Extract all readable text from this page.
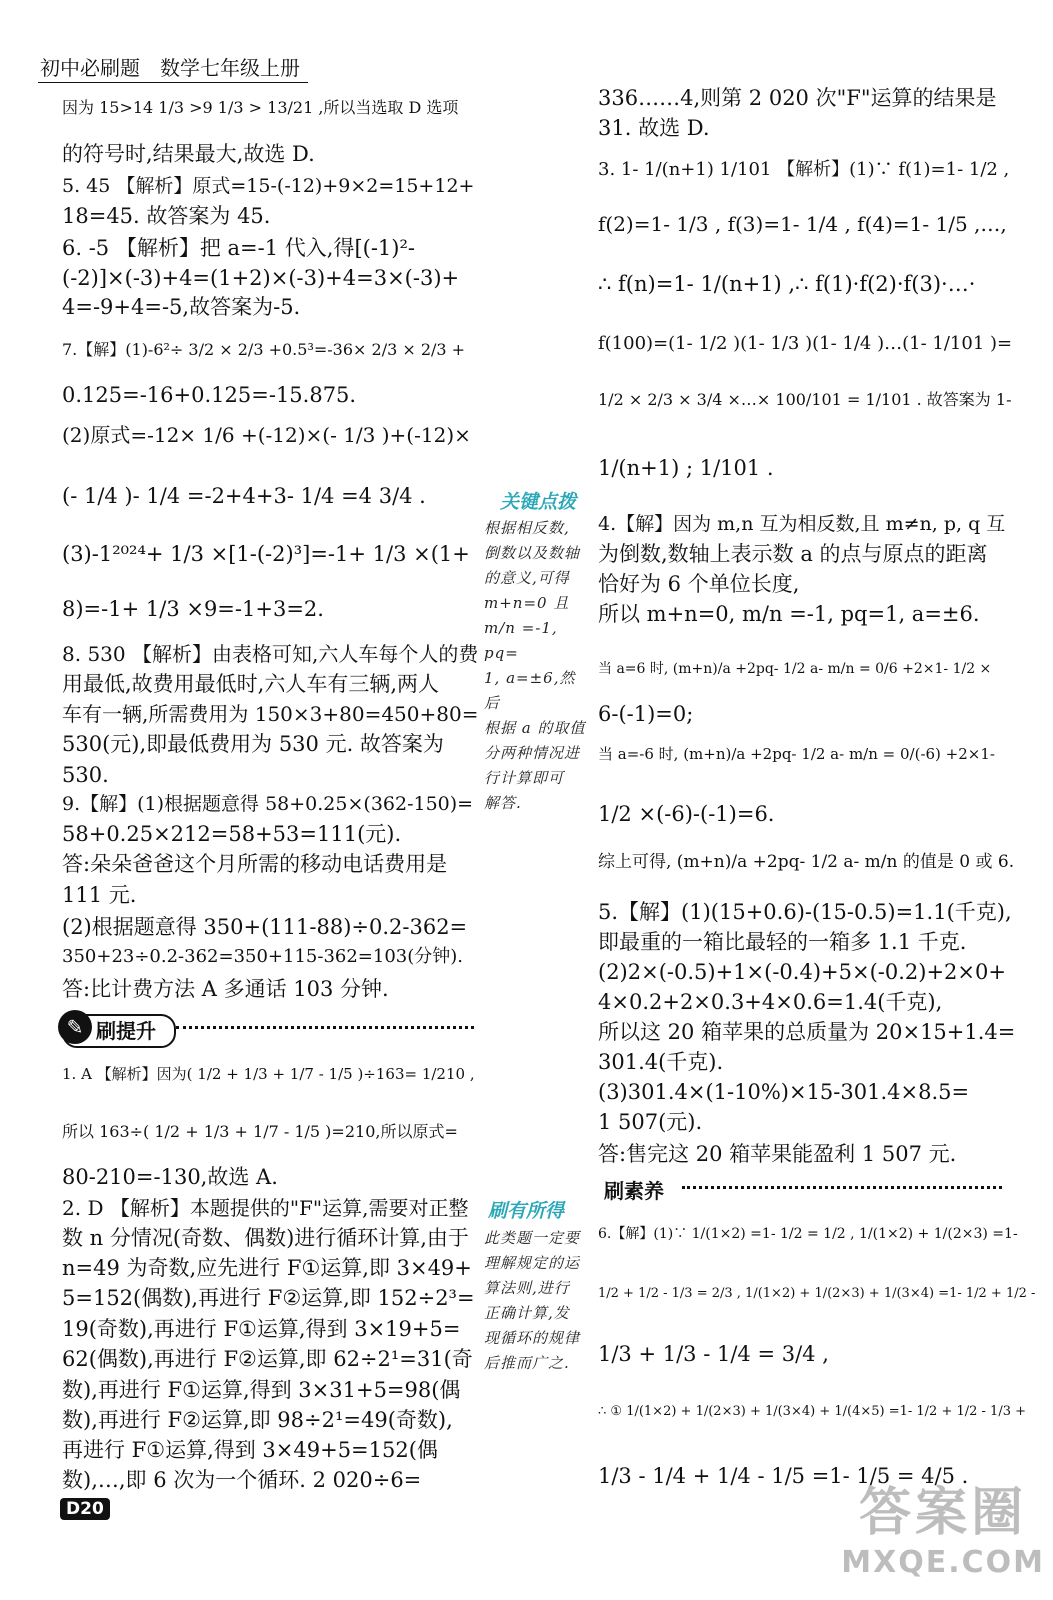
初中必刷题　数学七年级上册
因为 15>14 1/3 >9 1/3 > 13/21 ,所以当选取 D 选项
的符号时,结果最大,故选 D.
5. 45 【解析】原式=15-(-12)+9×2=15+12+
18=45. 故答案为 45.
6. -5 【解析】把 a=-1 代入,得[(-1)²-
(-2)]×(-3)+4=(1+2)×(-3)+4=3×(-3)+
4=-9+4=-5,故答案为-5.
7.【解】(1)-6²÷ 3/2 × 2/3 +0.5³=-36× 2/3 × 2/3 +
0.125=-16+0.125=-15.875.
(2)原式=-12× 1/6 +(-12)×(- 1/3 )+(-12)×
(- 1/4 )- 1/4 =-2+4+3- 1/4 =4 3/4 .
(3)-1²⁰²⁴+ 1/3 ×[1-(-2)³]=-1+ 1/3 ×(1+
8)=-1+ 1/3 ×9=-1+3=2.
8. 530 【解析】由表格可知,六人车每个人的费
用最低,故费用最低时,六人车有三辆,两人
车有一辆,所需费用为 150×3+80=450+80=
530(元),即最低费用为 530 元. 故答案为
530.
9.【解】(1)根据题意得 58+0.25×(362-150)=
58+0.25×212=58+53=111(元).
答:朵朵爸爸这个月所需的移动电话费用是
111 元.
(2)根据题意得 350+(111-88)÷0.2-362=
350+23÷0.2-362=350+115-362=103(分钟).
答:比计费方法 A 多通话 103 分钟.
1. A 【解析】因为( 1/2 + 1/3 + 1/7 - 1/5 )÷163= 1/210 ,
所以 163÷( 1/2 + 1/3 + 1/7 - 1/5 )=210,所以原式=
80-210=-130,故选 A.
2. D 【解析】本题提供的"F"运算,需要对正整
数 n 分情况(奇数、偶数)进行循环计算,由于
n=49 为奇数,应先进行 F①运算,即 3×49+
5=152(偶数),再进行 F②运算,即 152÷2³=
19(奇数),再进行 F①运算,得到 3×19+5=
62(偶数),再进行 F②运算,即 62÷2¹=31(奇
数),再进行 F①运算,得到 3×31+5=98(偶
数),再进行 F②运算,即 98÷2¹=49(奇数),
再进行 F①运算,得到 3×49+5=152(偶
数),…,即 6 次为一个循环. 2 020÷6=
336……4,则第 2 020 次"F"运算的结果是
31. 故选 D.
3. 1- 1/(n+1) 1/101 【解析】(1)∵ f(1)=1- 1/2 ,
f(2)=1- 1/3 , f(3)=1- 1/4 , f(4)=1- 1/5 ,…,
∴ f(n)=1- 1/(n+1) ,∴ f(1)·f(2)·f(3)·…·
f(100)=(1- 1/2 )(1- 1/3 )(1- 1/4 )…(1- 1/101 )=
1/2 × 2/3 × 3/4 ×…× 100/101 = 1/101 . 故答案为 1-
1/(n+1) ; 1/101 .
4.【解】因为 m,n 互为相反数,且 m≠n, p, q 互
为倒数,数轴上表示数 a 的点与原点的距离
恰好为 6 个单位长度,
所以 m+n=0, m/n =-1, pq=1, a=±6.
当 a=6 时, (m+n)/a +2pq- 1/2 a- m/n = 0/6 +2×1- 1/2 ×
6-(-1)=0;
当 a=-6 时, (m+n)/a +2pq- 1/2 a- m/n = 0/(-6) +2×1-
1/2 ×(-6)-(-1)=6.
综上可得, (m+n)/a +2pq- 1/2 a- m/n 的值是 0 或 6.
5.【解】(1)(15+0.6)-(15-0.5)=1.1(千克),
即最重的一箱比最轻的一箱多 1.1 千克.
(2)2×(-0.5)+1×(-0.4)+5×(-0.2)+2×0+
4×0.2+2×0.3+4×0.6=1.4(千克),
所以这 20 箱苹果的总质量为 20×15+1.4=
301.4(千克).
(3)301.4×(1-10%)×15-301.4×8.5=
1 507(元).
答:售完这 20 箱苹果能盈利 1 507 元.
6.【解】(1)∵ 1/(1×2) =1- 1/2 = 1/2 , 1/(1×2) + 1/(2×3) =1-
1/2 + 1/2 - 1/3 = 2/3 , 1/(1×2) + 1/(2×3) + 1/(3×4) =1- 1/2 + 1/2 -
1/3 + 1/3 - 1/4 = 3/4 ,
∴ ① 1/(1×2) + 1/(2×3) + 1/(3×4) + 1/(4×5) =1- 1/2 + 1/2 - 1/3 +
1/3 - 1/4 + 1/4 - 1/5 =1- 1/5 = 4/5 .
✎ 刷提升
刷素养
关键点拨
根据相反数,
倒数以及数轴
的意义,可得
m+n=0 且
m/n =-1, pq=
1, a=±6,然后
根据 a 的取值
分两种情况进
行计算即可
解答.
刷有所得
此类题一定要
理解规定的运
算法则,进行
正确计算,发
现循环的规律
后推而广之.
D20	答案圈
MXQE.COM
